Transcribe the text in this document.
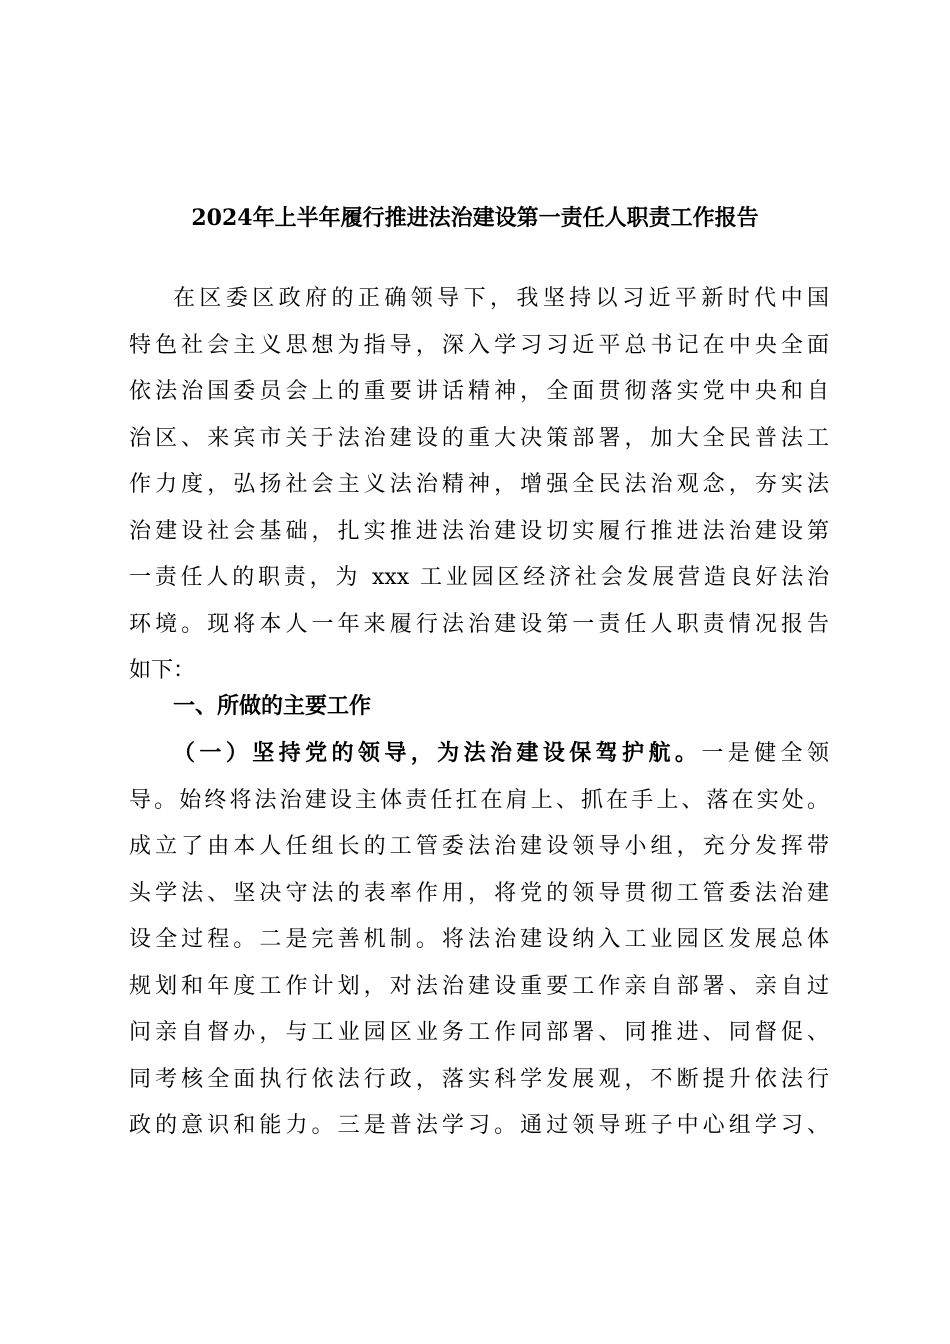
2024年上半年履行推进法治建设第一责任人职责工作报告
在区委区政府的正确领导下，我坚持以习近平新时代中国
特色社会主义思想为指导，深入学习习近平总书记在中央全面
依法治国委员会上的重要讲话精神，全面贯彻落实党中央和自
治区、来宾市关于法治建设的重大决策部署，加大全民普法工
作力度，弘扬社会主义法治精神，增强全民法治观念，夯实法
治建设社会基础，扎实推进法治建设切实履行推进法治建设第
一责任人的职责，为 xxx 工业园区经济社会发展营造良好法治
环境。现将本人一年来履行法治建设第一责任人职责情况报告
如下：
一、所做的主要工作
（一）坚持党的领导，为法治建设保驾护航。一是健全领
导。始终将法治建设主体责任扛在肩上、抓在手上、落在实处。
成立了由本人任组长的工管委法治建设领导小组，充分发挥带
头学法、坚决守法的表率作用，将党的领导贯彻工管委法治建
设全过程。二是完善机制。将法治建设纳入工业园区发展总体
规划和年度工作计划，对法治建设重要工作亲自部署、亲自过
问亲自督办，与工业园区业务工作同部署、同推进、同督促、
同考核全面执行依法行政，落实科学发展观，不断提升依法行
政的意识和能力。三是普法学习。通过领导班子中心组学习、
